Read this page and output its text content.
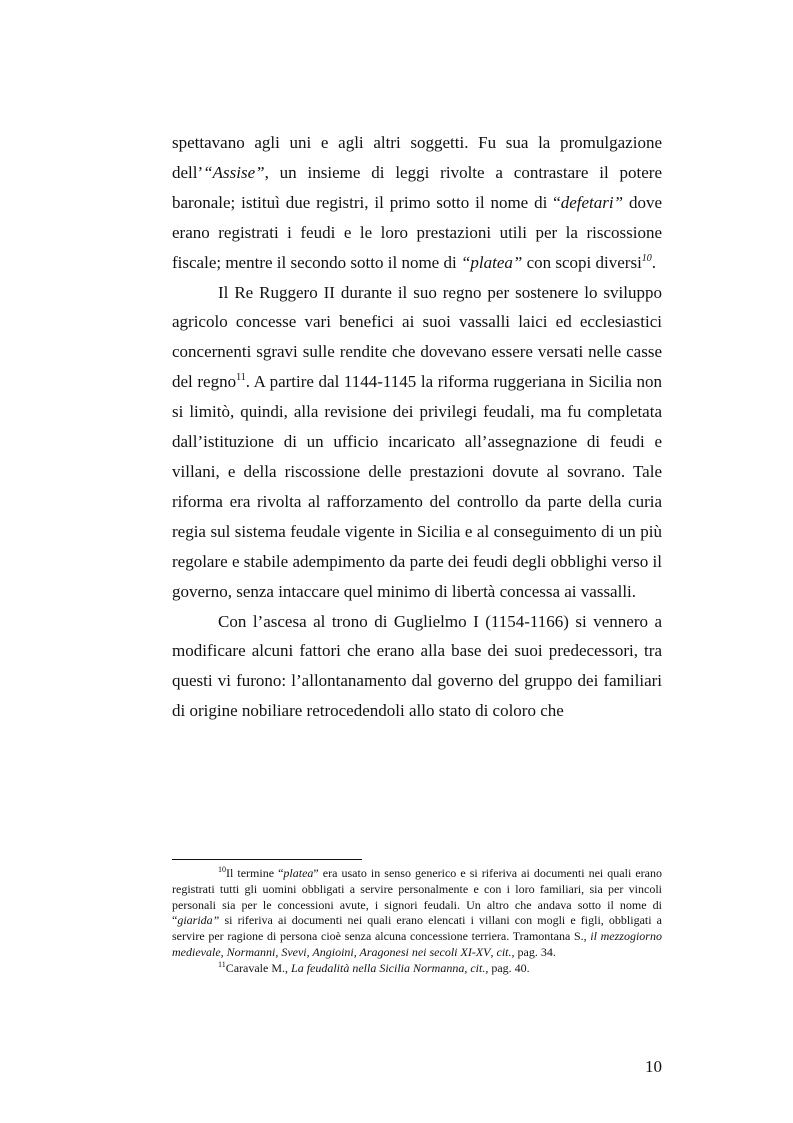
spettavano agli uni e agli altri soggetti. Fu sua la promulgazione dell’“Assise”, un insieme di leggi rivolte a contrastare il potere baronale; istituì due registri, il primo sotto il nome di “defetari” dove erano registrati i feudi e le loro prestazioni utili per la riscossione fiscale; mentre il secondo sotto il nome di “platea” con scopi diversi$^{10}$.

Il Re Ruggero II durante il suo regno per sostenere lo sviluppo agricolo concesse vari benefici ai suoi vassalli laici ed ecclesiastici concernenti sgravi sulle rendite che dovevano essere versati nelle casse del regno$^{11}$. A partire dal 1144-1145 la riforma ruggeriana in Sicilia non si limitò, quindi, alla revisione dei privilegi feudali, ma fu completata dall’istituzione di un ufficio incaricato all’assegnazione di feudi e villani, e della riscossione delle prestazioni dovute al sovrano. Tale riforma era rivolta al rafforzamento del controllo da parte della curia regia sul sistema feudale vigente in Sicilia e al conseguimento di un più regolare e stabile adempimento da parte dei feudi degli obblighi verso il governo, senza intaccare quel minimo di libertà concessa ai vassalli.

Con l’ascesa al trono di Guglielmo I (1154-1166) si vennero a modificare alcuni fattori che erano alla base dei suoi predecessori, tra questi vi furono: l’allontanamento dal governo del gruppo dei familiari di origine nobiliare retrocedendoli allo stato di coloro che

$^{10}$Il termine “platea” era usato in senso generico e si riferiva ai documenti nei quali erano registrati tutti gli uomini obbligati a servire personalmente e con i loro familiari, sia per vincoli personali sia per le concessioni avute, i signori feudali. Un altro che andava sotto il nome di “giarida” si riferiva ai documenti nei quali erano elencati i villani con mogli e figli, obbligati a servire per ragione di persona cioè senza alcuna concessione terriera. Tramontana S., il mezzogiorno medievale, Normanni, Svevi, Angioini, Aragonesi nei secoli XI-XV, cit., pag. 34.

$^{11}$Caravale M., La feudalità nella Sicilia Normanna, cit., pag. 40.

10
